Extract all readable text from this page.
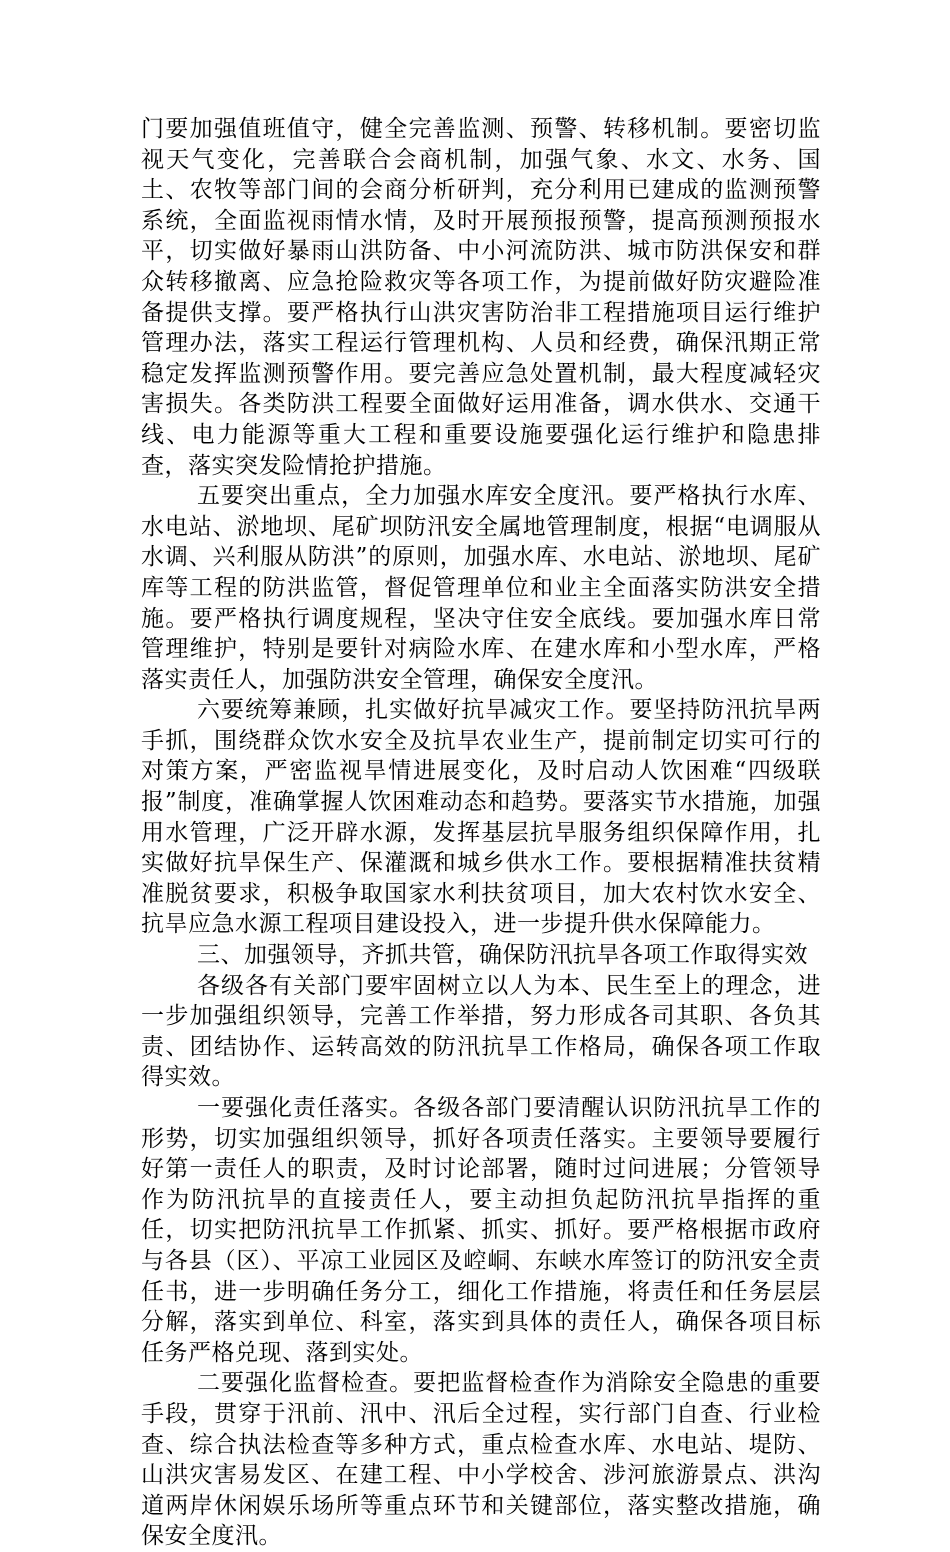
门要加强值班值守，健全完善监测、预警、转移机制。要密切监视天气变化，完善联合会商机制，加强气象、水文、水务、国土、农牧等部门间的会商分析研判，充分利用已建成的监测预警系统，全面监视雨情水情，及时开展预报预警，提高预测预报水平，切实做好暴雨山洪防备、中小河流防洪、城市防洪保安和群众转移撤离、应急抢险救灾等各项工作，为提前做好防灾避险准备提供支撑。要严格执行山洪灾害防治非工程措施项目运行维护管理办法，落实工程运行管理机构、人员和经费，确保汛期正常稳定发挥监测预警作用。要完善应急处置机制，最大程度减轻灾害损失。各类防洪工程要全面做好运用准备，调水供水、交通干线、电力能源等重大工程和重要设施要强化运行维护和隐患排查，落实突发险情抢护措施。

五要突出重点，全力加强水库安全度汛。要严格执行水库、水电站、淤地坝、尾矿坝防汛安全属地管理制度，根据“电调服从水调、兴利服从防洪”的原则，加强水库、水电站、淤地坝、尾矿库等工程的防洪监管，督促管理单位和业主全面落实防洪安全措施。要严格执行调度规程，坚决守住安全底线。要加强水库日常管理维护，特别是要针对病险水库、在建水库和小型水库，严格落实责任人，加强防洪安全管理，确保安全度汛。

六要统筹兼顾，扎实做好抗旱减灾工作。要坚持防汛抗旱两手抓，围绕群众饮水安全及抗旱农业生产，提前制定切实可行的对策方案，严密监视旱情进展变化，及时启动人饮困难“四级联报”制度，准确掌握人饮困难动态和趋势。要落实节水措施，加强用水管理，广泛开辟水源，发挥基层抗旱服务组织保障作用，扎实做好抗旱保生产、保灌溉和城乡供水工作。要根据精准扶贫精准脱贫要求，积极争取国家水利扶贫项目，加大农村饮水安全、抗旱应急水源工程项目建设投入，进一步提升供水保障能力。

三、加强领导，齐抓共管，确保防汛抗旱各项工作取得实效

各级各有关部门要牢固树立以人为本、民生至上的理念，进一步加强组织领导，完善工作举措，努力形成各司其职、各负其责、团结协作、运转高效的防汛抗旱工作格局，确保各项工作取得实效。

一要强化责任落实。各级各部门要清醒认识防汛抗旱工作的形势，切实加强组织领导，抓好各项责任落实。主要领导要履行好第一责任人的职责，及时讨论部署，随时过问进展；分管领导作为防汛抗旱的直接责任人，要主动担负起防汛抗旱指挥的重任，切实把防汛抗旱工作抓紧、抓实、抓好。要严格根据市政府与各县（区）、平凉工业园区及崆峒、东峡水库签订的防汛安全责任书，进一步明确任务分工，细化工作措施，将责任和任务层层分解，落实到单位、科室，落实到具体的责任人，确保各项目标任务严格兑现、落到实处。

二要强化监督检查。要把监督检查作为消除安全隐患的重要手段，贯穿于汛前、汛中、汛后全过程，实行部门自查、行业检查、综合执法检查等多种方式，重点检查水库、水电站、堤防、山洪灾害易发区、在建工程、中小学校舍、涉河旅游景点、洪沟道两岸休闲娱乐场所等重点环节和关键部位，落实整改措施，确保安全度汛。
